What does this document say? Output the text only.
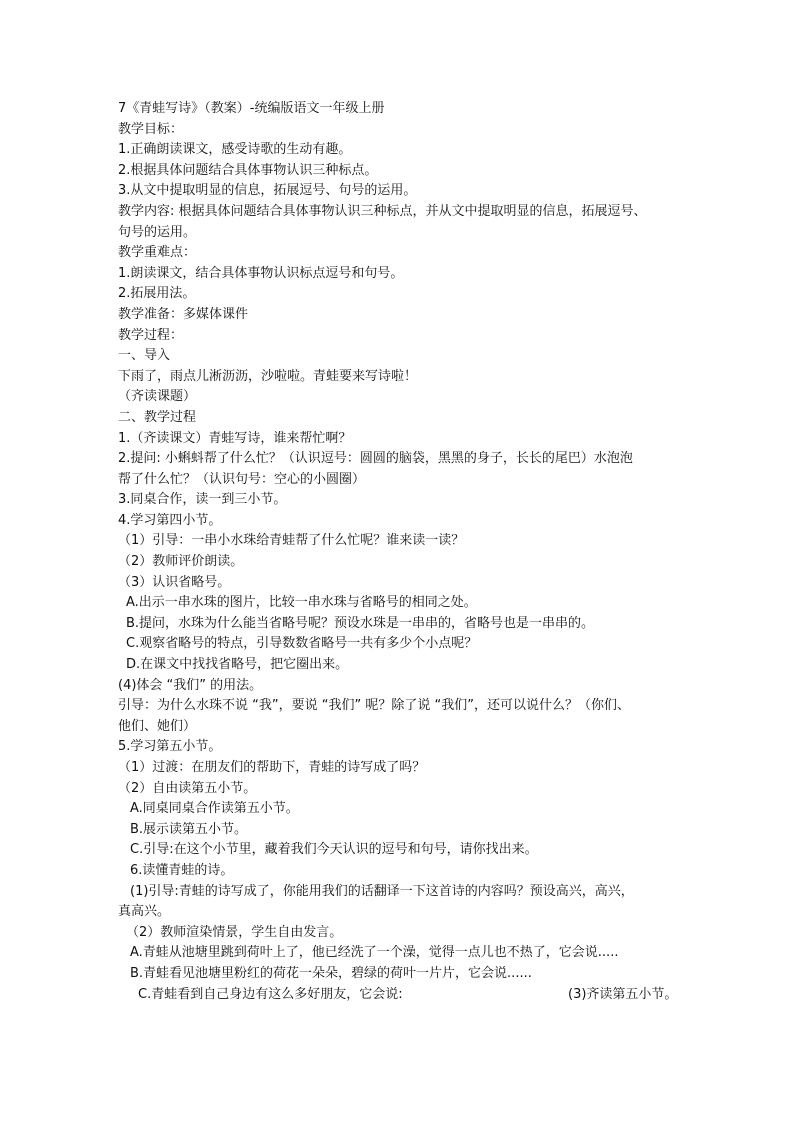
7《青蛙写诗》（教案）-统编版语文一年级上册
教学目标：
1.正确朗读课文，感受诗歌的生动有趣。
2.根据具体问题结合具体事物认识三种标点。
3.从文中提取明显的信息，拓展逗号、句号的运用。
教学内容: 根据具体问题结合具体事物认识三种标点，并从文中提取明显的信息，拓展逗号、
句号的运用。
教学重难点：
1.朗读课文，结合具体事物认识标点逗号和句号。
2.拓展用法。
教学准备：多媒体课件
教学过程：
一、导入
下雨了，雨点儿淅沥沥，沙啦啦。青蛙要来写诗啦！
（齐读课题）
二、教学过程
1.（齐读课文）青蛙写诗，谁来帮忙啊？
2.提问: 小蝌蚪帮了什么忙？（认识逗号：圆圆的脑袋，黑黑的身子，长长的尾巴）水泡泡
帮了什么忙？（认识句号：空心的小圆圈）
3.同桌合作，读一到三小节。
4.学习第四小节。
（1）引导：一串小水珠给青蛙帮了什么忙呢？谁来读一读？
（2）教师评价朗读。
（3）认识省略号。
A.出示一串水珠的图片，比较一串水珠与省略号的相同之处。
B.提问，水珠为什么能当省略号呢？预设水珠是一串串的，省略号也是一串串的。
C.观察省略号的特点，引导数数省略号一共有多少个小点呢？
D.在课文中找找省略号，把它圈出来。
(4)体会 “我们” 的用法。
引导：为什么水珠不说 “我”，要说 “我们” 呢？除了说 “我们”，还可以说什么？（你们、
他们、她们）
5.学习第五小节。
（1）过渡：在朋友们的帮助下，青蛙的诗写成了吗？
（2）自由读第五小节。
A.同桌同桌合作读第五小节。
B.展示读第五小节。
C.引导:在这个小节里，藏着我们今天认识的逗号和句号，请你找出来。
6.读懂青蛙的诗。
(1)引导:青蛙的诗写成了，你能用我们的话翻译一下这首诗的内容吗？预设高兴，高兴，
真高兴。
（2）教师渲染情景，学生自由发言。
A.青蛙从池塘里跳到荷叶上了，他已经洗了一个澡，觉得一点儿也不热了，它会说.....
B.青蛙看见池塘里粉红的荷花一朵朵，碧绿的荷叶一片片，它会说......
C.青蛙看到自己身边有这么多好朋友，它会说:	(3)齐读第五小节。
